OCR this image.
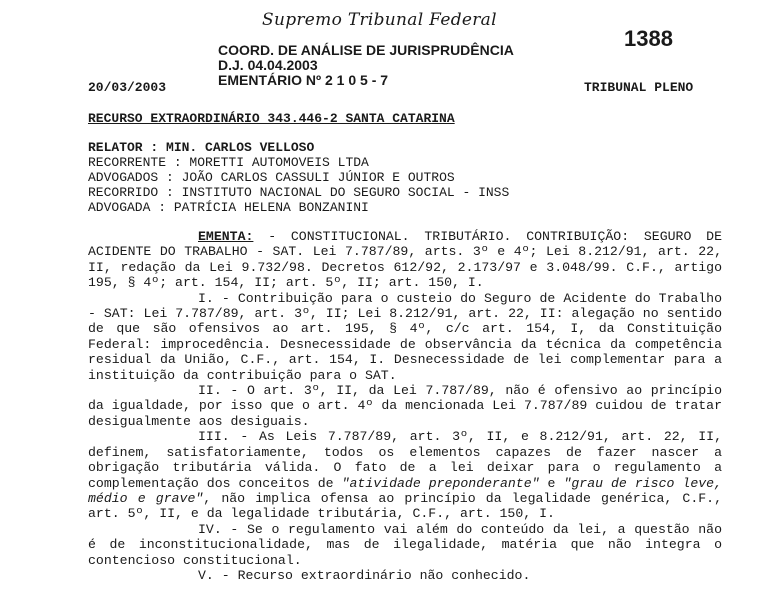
Supremo Tribunal Federal
COORD. DE ANÁLISE DE JURISPRUDÊNCIA
D.J. 04.04.2003
EMENTÁRIO Nº 2 1 0 5 - 7
1388
20/03/2003	TRIBUNAL PLENO
RECURSO EXTRAORDINÁRIO 343.446-2 SANTA CATARINA
RELATOR : MIN. CARLOS VELLOSO
RECORRENTE : MORETTI AUTOMOVEIS LTDA
ADVOGADOS : JOÃO CARLOS CASSULI JÚNIOR E OUTROS
RECORRIDO : INSTITUTO NACIONAL DO SEGURO SOCIAL - INSS
ADVOGADA : PATRÍCIA HELENA BONZANINI

EMENTA: - CONSTITUCIONAL. TRIBUTÁRIO. CONTRIBUIÇÃO: SEGURO DE ACIDENTE DO TRABALHO - SAT. Lei 7.787/89, arts. 3º e 4º; Lei 8.212/91, art. 22, II, redação da Lei 9.732/98. Decretos 612/92, 2.173/97 e 3.048/99. C.F., artigo 195, § 4º; art. 154, II; art. 5º, II; art. 150, I.

I. - Contribuição para o custeio do Seguro de Acidente do Trabalho - SAT: Lei 7.787/89, art. 3º, II; Lei 8.212/91, art. 22, II: alegação no sentido de que são ofensivos ao art. 195, § 4º, c/c art. 154, I, da Constituição Federal: improcedência. Desnecessidade de observância da técnica da competência residual da União, C.F., art. 154, I. Desnecessidade de lei complementar para a instituição da contribuição para o SAT.

II. - O art. 3º, II, da Lei 7.787/89, não é ofensivo ao princípio da igualdade, por isso que o art. 4º da mencionada Lei 7.787/89 cuidou de tratar desigualmente aos desiguais.

III. - As Leis 7.787/89, art. 3º, II, e 8.212/91, art. 22, II, definem, satisfatoriamente, todos os elementos capazes de fazer nascer a obrigação tributária válida. O fato de a lei deixar para o regulamento a complementação dos conceitos de "atividade preponderante" e "grau de risco leve, médio e grave", não implica ofensa ao princípio da legalidade genérica, C.F., art. 5º, II, e da legalidade tributária, C.F., art. 150, I.

IV. - Se o regulamento vai além do conteúdo da lei, a questão não é de inconstitucionalidade, mas de ilegalidade, matéria que não integra o contencioso constitucional.

V. - Recurso extraordinário não conhecido.
